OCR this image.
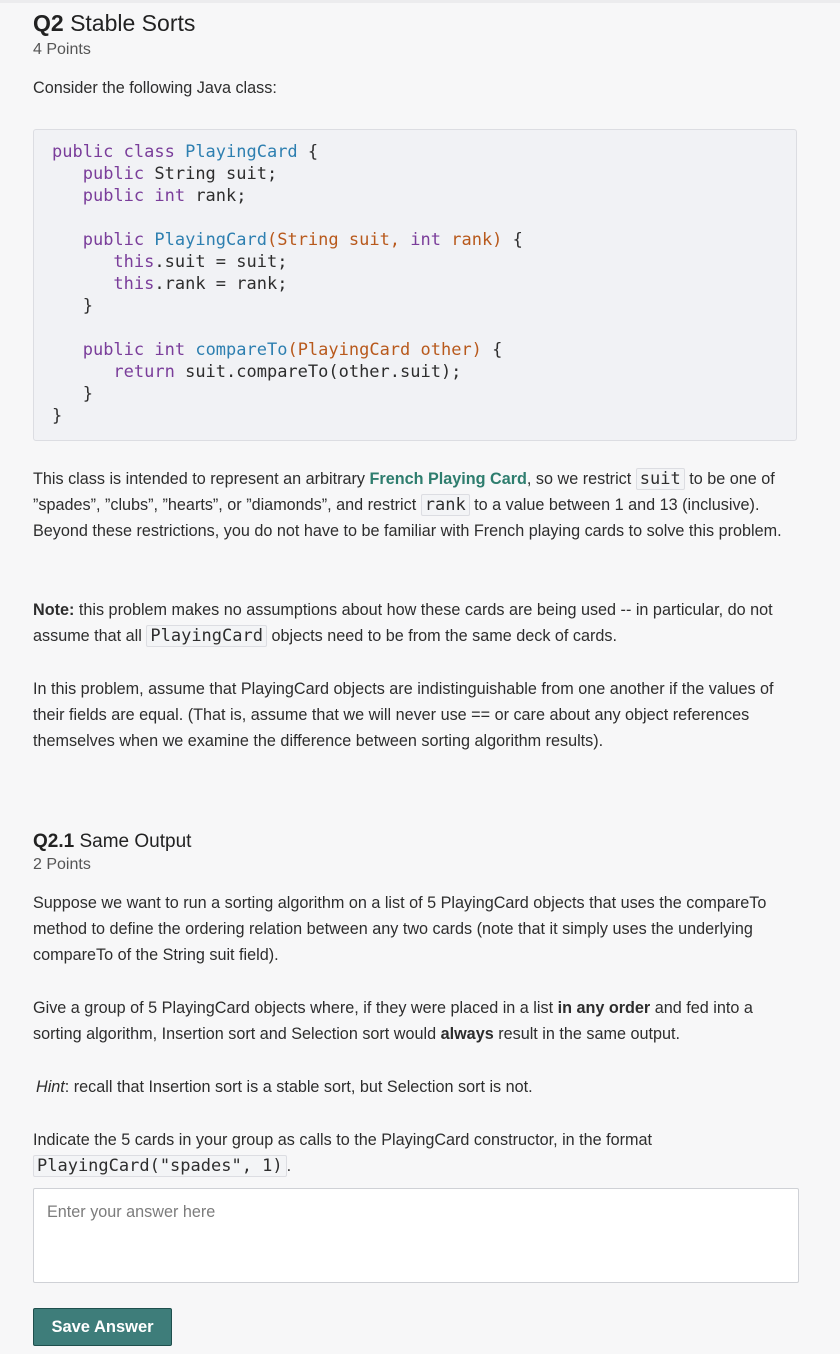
Q2 Stable Sorts
4 Points
Consider the following Java class:
public class PlayingCard {
public String suit;
public int rank;

public PlayingCard(String suit, int rank) {
this.suit = suit;
this.rank = rank;
}

public int compareTo(PlayingCard other) {
return suit.compareTo(other.suit);
}
}
This class is intended to represent an arbitrary French Playing Card, so we restrict suit to be one of ”spades”, ”clubs”, ”hearts”, or ”diamonds”, and restrict rank to a value between 1 and 13 (inclusive). Beyond these restrictions, you do not have to be familiar with French playing cards to solve this problem.
Note: this problem makes no assumptions about how these cards are being used -- in particular, do not assume that all PlayingCard objects need to be from the same deck of cards.
In this problem, assume that PlayingCard objects are indistinguishable from one another if the values of their fields are equal. (That is, assume that we will never use == or care about any object references themselves when we examine the difference between sorting algorithm results).
Q2.1 Same Output
2 Points
Suppose we want to run a sorting algorithm on a list of 5 PlayingCard objects that uses the compareTo method to define the ordering relation between any two cards (note that it simply uses the underlying compareTo of the String suit field).
Give a group of 5 PlayingCard objects where, if they were placed in a list in any order and fed into a sorting algorithm, Insertion sort and Selection sort would always result in the same output.
Hint: recall that Insertion sort is a stable sort, but Selection sort is not.
Indicate the 5 cards in your group as calls to the PlayingCard constructor, in the format PlayingCard("spades", 1) .
Enter your answer here
Save Answer
